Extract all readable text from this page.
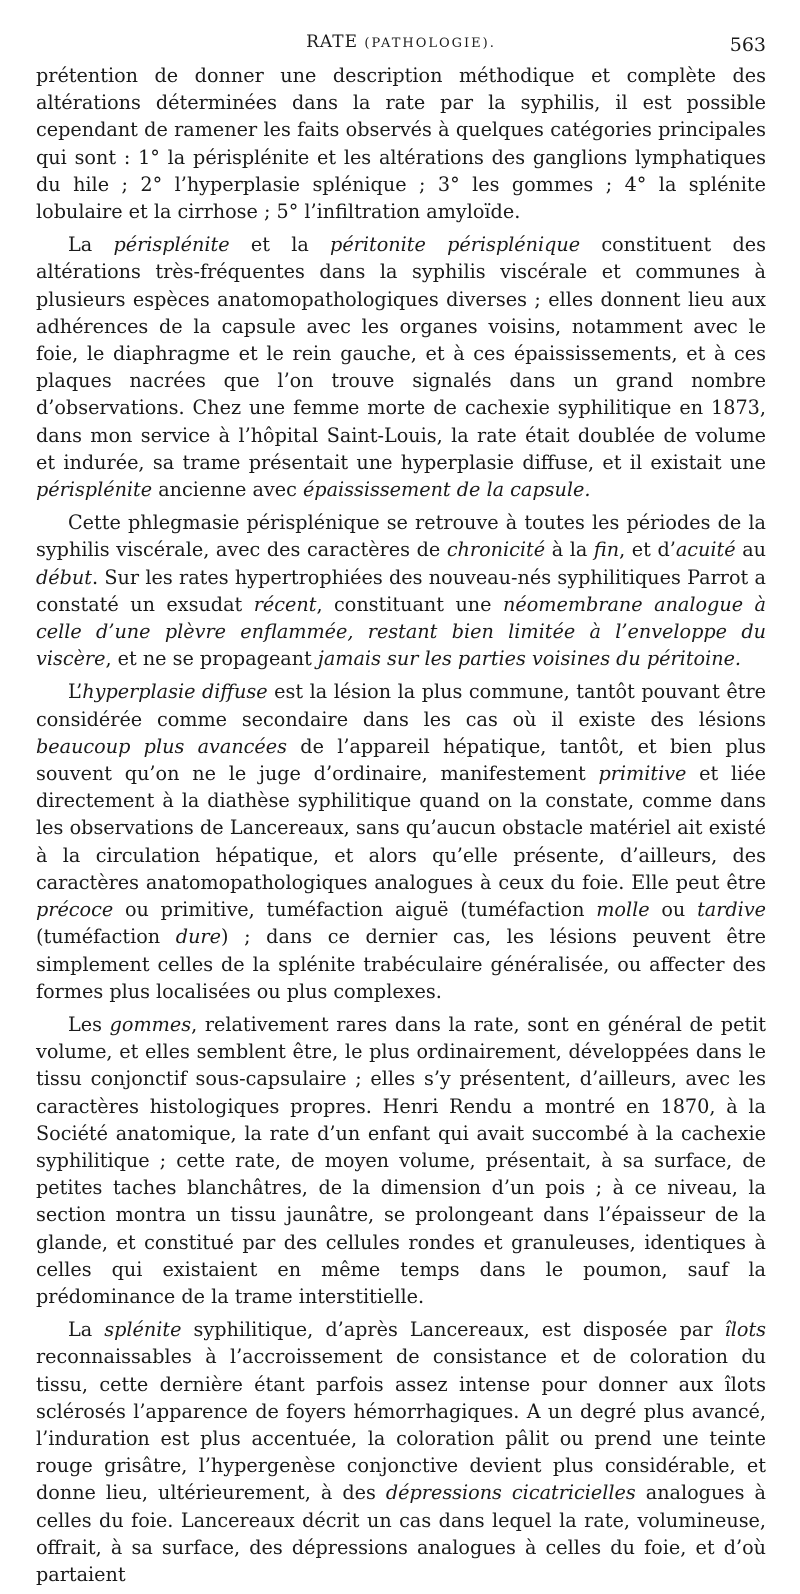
RATE (PATHOLOGIE).	563

prétention de donner une description méthodique et complète des altérations déterminées dans la rate par la syphilis, il est possible cependant de ramener les faits observés à quelques catégories principales qui sont : 1° la périsplénite et les altérations des ganglions lymphatiques du hile ; 2° l’hyperplasie splénique ; 3° les gommes ; 4° la splénite lobulaire et la cirrhose ; 5° l’infiltration amyloïde.

La périsplénite et la péritonite périsplénique constituent des altérations très-fréquentes dans la syphilis viscérale et communes à plusieurs espèces anatomopathologiques diverses ; elles donnent lieu aux adhérences de la capsule avec les organes voisins, notamment avec le foie, le diaphragme et le rein gauche, et à ces épaississements, et à ces plaques nacrées que l’on trouve signalés dans un grand nombre d’observations. Chez une femme morte de cachexie syphilitique en 1873, dans mon service à l’hôpital Saint-Louis, la rate était doublée de volume et indurée, sa trame présentait une hyperplasie diffuse, et il existait une périsplénite ancienne avec épaississement de la capsule.

Cette phlegmasie périsplénique se retrouve à toutes les périodes de la syphilis viscérale, avec des caractères de chronicité à la fin, et d’acuité au début. Sur les rates hypertrophiées des nouveau-nés syphilitiques Parrot a constaté un exsudat récent, constituant une néomembrane analogue à celle d’une plèvre enflammée, restant bien limitée à l’enveloppe du viscère, et ne se propageant jamais sur les parties voisines du péritoine.

L’hyperplasie diffuse est la lésion la plus commune, tantôt pouvant être considérée comme secondaire dans les cas où il existe des lésions beaucoup plus avancées de l’appareil hépatique, tantôt, et bien plus souvent qu’on ne le juge d’ordinaire, manifestement primitive et liée directement à la diathèse syphilitique quand on la constate, comme dans les observations de Lancereaux, sans qu’aucun obstacle matériel ait existé à la circulation hépatique, et alors qu’elle présente, d’ailleurs, des caractères anatomopathologiques analogues à ceux du foie. Elle peut être précoce ou primitive, tuméfaction aiguë (tuméfaction molle ou tardive (tuméfaction dure) ; dans ce dernier cas, les lésions peuvent être simplement celles de la splénite trabéculaire généralisée, ou affecter des formes plus localisées ou plus complexes.

Les gommes, relativement rares dans la rate, sont en général de petit volume, et elles semblent être, le plus ordinairement, développées dans le tissu conjonctif sous-capsulaire ; elles s’y présentent, d’ailleurs, avec les caractères histologiques propres. Henri Rendu a montré en 1870, à la Société anatomique, la rate d’un enfant qui avait succombé à la cachexie syphilitique ; cette rate, de moyen volume, présentait, à sa surface, de petites taches blanchâtres, de la dimension d’un pois ; à ce niveau, la section montra un tissu jaunâtre, se prolongeant dans l’épaisseur de la glande, et constitué par des cellules rondes et granuleuses, identiques à celles qui existaient en même temps dans le poumon, sauf la prédominance de la trame interstitielle.

La splénite syphilitique, d’après Lancereaux, est disposée par îlots reconnaissables à l’accroissement de consistance et de coloration du tissu, cette dernière étant parfois assez intense pour donner aux îlots sclérosés l’apparence de foyers hémorrhagiques. A un degré plus avancé, l’induration est plus accentuée, la coloration pâlit ou prend une teinte rouge grisâtre, l’hypergenèse conjonctive devient plus considérable, et donne lieu, ultérieurement, à des dépressions cicatricielles analogues à celles du foie. Lancereaux décrit un cas dans lequel la rate, volumineuse, offrait, à sa surface, des dépressions analogues à celles du foie, et d’où partaient
